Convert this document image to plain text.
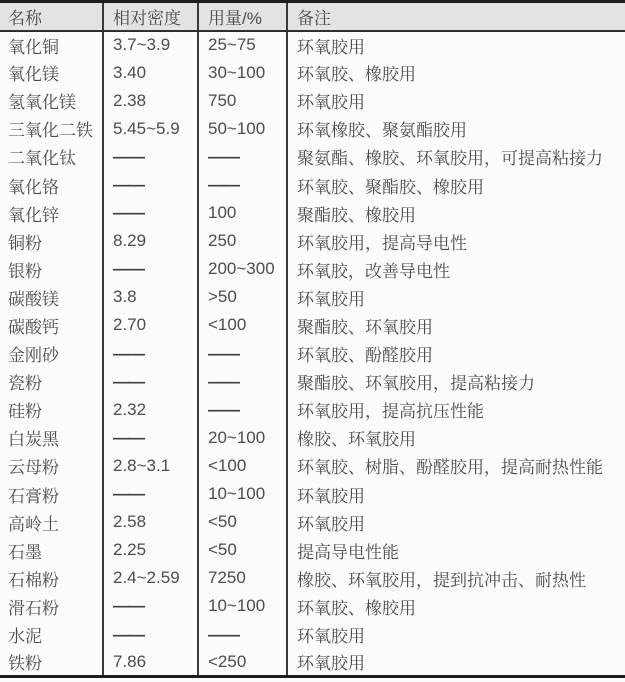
名称	相对密度	用量/%	备注
氧化铜	3.7~3.9	25~75	环氧胶用
氧化镁	3.40	30~100	环氧胶、橡胶用
氢氧化镁	2.38	750	环氧胶用
三氧化二铁	5.45~5.9	50~100	环氧橡胶、聚氨酯胶用
二氧化钛	——	——	聚氨酯、橡胶、环氧胶用，可提高粘接力
氧化铬	——	——	环氧胶、聚酯胶、橡胶用
氧化锌	——	100	聚酯胶、橡胶用
铜粉	8.29	250	环氧胶用，提高导电性
银粉	——	200~300	环氧胶，改善导电性
碳酸镁	3.8	>50	环氧胶用
碳酸钙	2.70	<100	聚酯胶、环氧胶用
金刚砂	——	——	环氧胶、酚醛胶用
瓷粉	——	——	聚酯胶、环氧胶用，提高粘接力
硅粉	2.32	——	环氧胶用，提高抗压性能
白炭黑	——	20~100	橡胶、环氧胶用
云母粉	2.8~3.1	<100	环氧胶、树脂、酚醛胶用，提高耐热性能
石膏粉	——	10~100	环氧胶用
高岭土	2.58	<50	环氧胶用
石墨	2.25	<50	提高导电性能
石棉粉	2.4~2.59	7250	橡胶、环氧胶用，提到抗冲击、耐热性
滑石粉	——	10~100	环氧胶、橡胶用
水泥	——	——	环氧胶用
铁粉	7.86	<250	环氧胶用
